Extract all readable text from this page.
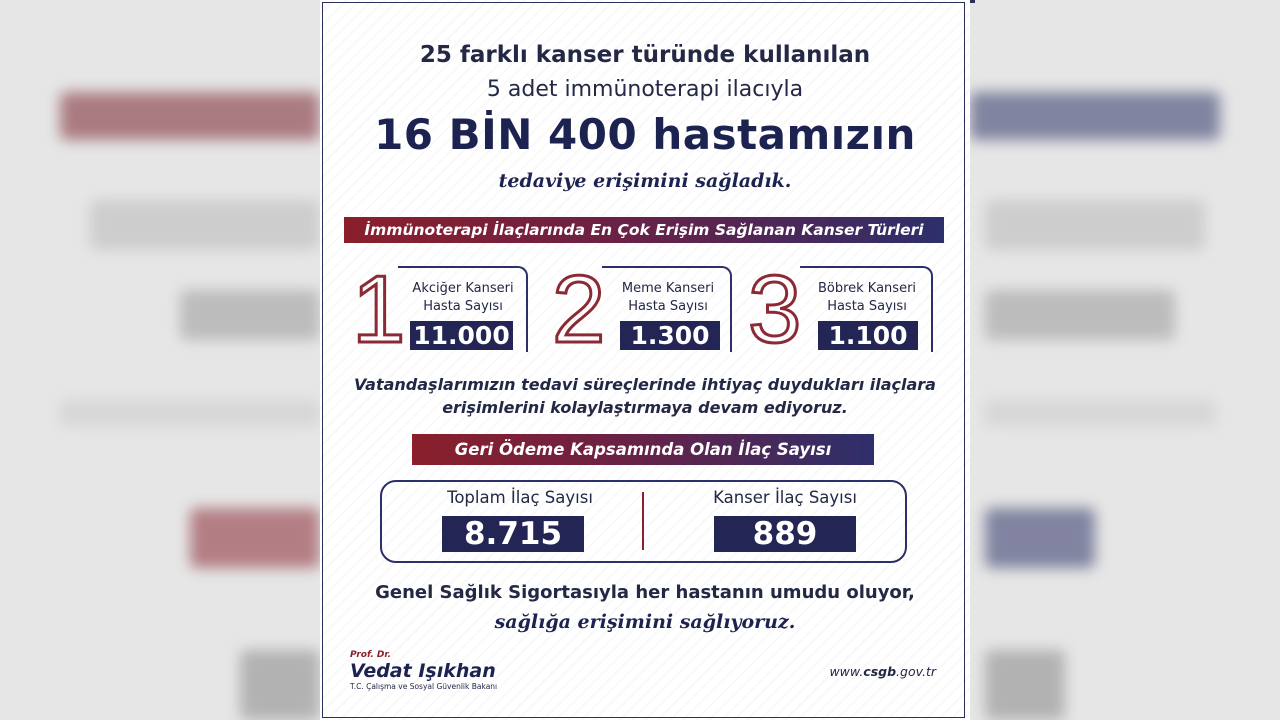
25 farklı kanser türünde kullanılan
5 adet immünoterapi ilacıyla
16 BİN 400 hastamızın
tedaviye erişimini sağladık.
İmmünoterapi İlaçlarında En Çok Erişim Sağlanan Kanser Türleri
1 Akciğer Kanseri
Hasta Sayısı
11.000 2	Meme Kanseri
Hasta Sayısı
1.300 3	Böbrek Kanseri
Hasta Sayısı
1.100
Vatandaşlarımızın tedavi süreçlerinde ihtiyaç duydukları ilaçlara
erişimlerini kolaylaştırmaya devam ediyoruz.
Geri Ödeme Kapsamında Olan İlaç Sayısı
Toplam İlaç Sayısı
8.715
Kanser İlaç Sayısı
889
Genel Sağlık Sigortasıyla her hastanın umudu oluyor,
sağlığa erişimini sağlıyoruz.
Prof. Dr.
Vedat Işıkhan
T.C. Çalışma ve Sosyal Güvenlik Bakanı
www.csgb.gov.tr
